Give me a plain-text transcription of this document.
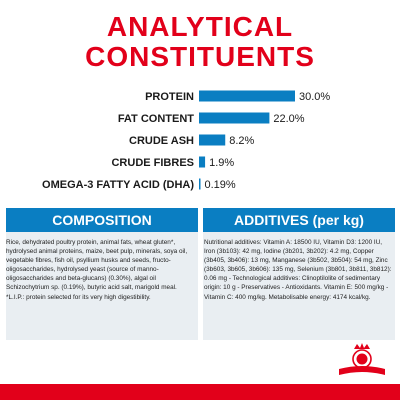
ANALYTICAL
CONSTITUENTS
PROTEIN	30.0%
FAT CONTENT	22.0%
CRUDE ASH	8.2%
CRUDE FIBRES 1.9%
OMEGA-3 FATTY ACID (DHA) 0.19%
COMPOSITION	ADDITIVES (per kg)
Rice, dehydrated poultry protein, animal fats, wheat gluten*, hydrolysed animal proteins, maize, beet pulp, minerals, soya oil, vegetable fibres, fish oil, psyllium husks and seeds, fructo-oligosaccharides, hydrolysed yeast (source of manno-oligosaccharides and beta-glucans) (0.30%), algal oil Schizochytrium sp. (0.19%), butyric acid salt, marigold meal. *L.I.P.: protein selected for its very high digestibility.
Nutritional additives: Vitamin A: 18500 IU, Vitamin D3: 1200 IU, Iron (3b103): 42 mg, Iodine (3b201, 3b202): 4.2 mg, Copper (3b405, 3b406): 13 mg, Manganese (3b502, 3b504): 54 mg, Zinc (3b603, 3b605, 3b606): 135 mg, Selenium (3b801, 3b811, 3b812): 0.06 mg - Technological additives: Clinoptilolite of sedimentary origin: 10 g - Preservatives - Antioxidants. Vitamin E: 500 mg/kg - Vitamin C: 400 mg/kg. Metabolisable energy: 4174 kcal/kg.
